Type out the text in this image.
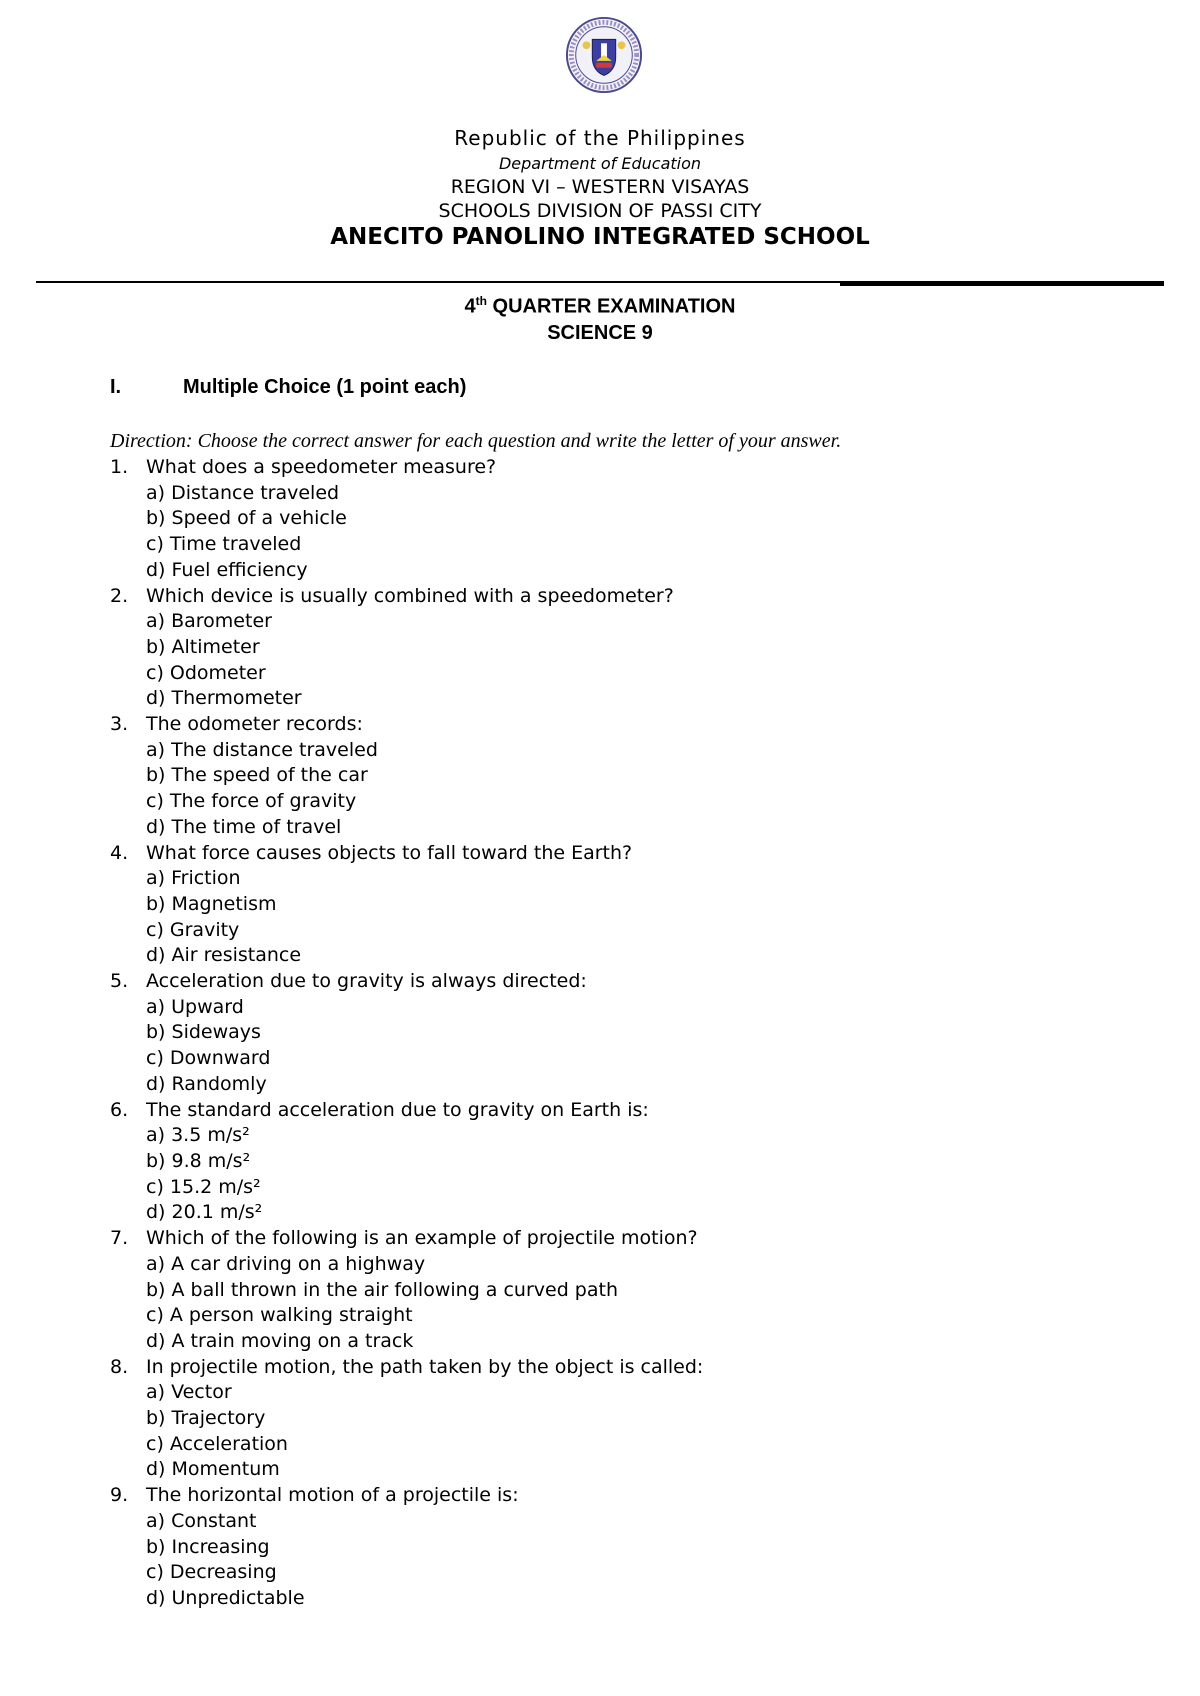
Republic of the Philippines
Department of Education
REGION VI – WESTERN VISAYAS
SCHOOLS DIVISION OF PASSI CITY
ANECITO PANOLINO INTEGRATED SCHOOL
4th QUARTER EXAMINATION
SCIENCE 9
I.	Multiple Choice (1 point each)
Direction: Choose the correct answer for each question and write the letter of your answer.
1. What does a speedometer measure?
a) Distance traveled
b) Speed of a vehicle
c) Time traveled
d) Fuel efficiency
2. Which device is usually combined with a speedometer?
a) Barometer
b) Altimeter
c) Odometer
d) Thermometer
3. The odometer records:
a) The distance traveled
b) The speed of the car
c) The force of gravity
d) The time of travel
4. What force causes objects to fall toward the Earth?
a) Friction
b) Magnetism
c) Gravity
d) Air resistance
5. Acceleration due to gravity is always directed:
a) Upward
b) Sideways
c) Downward
d) Randomly
6. The standard acceleration due to gravity on Earth is:
a) 3.5 m/s²
b) 9.8 m/s²
c) 15.2 m/s²
d) 20.1 m/s²
7. Which of the following is an example of projectile motion?
a) A car driving on a highway
b) A ball thrown in the air following a curved path
c) A person walking straight
d) A train moving on a track
8. In projectile motion, the path taken by the object is called:
a) Vector
b) Trajectory
c) Acceleration
d) Momentum
9. The horizontal motion of a projectile is:
a) Constant
b) Increasing
c) Decreasing
d) Unpredictable
